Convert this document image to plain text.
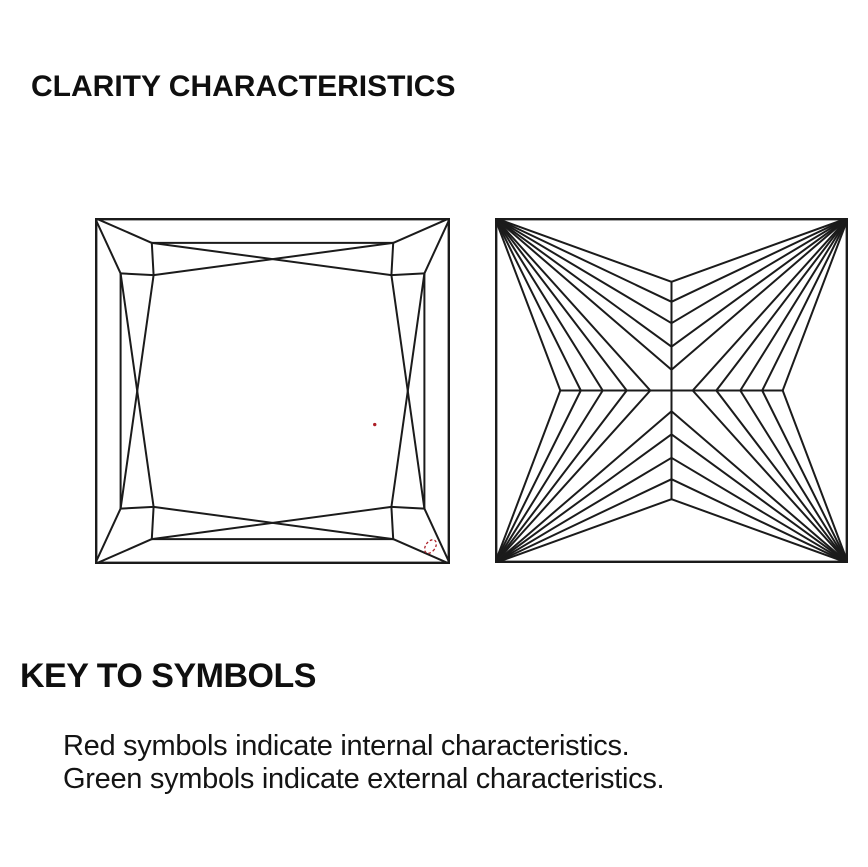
CLARITY CHARACTERISTICS
KEY TO SYMBOLS

Red symbols indicate internal characteristics.

Green symbols indicate external characteristics.
